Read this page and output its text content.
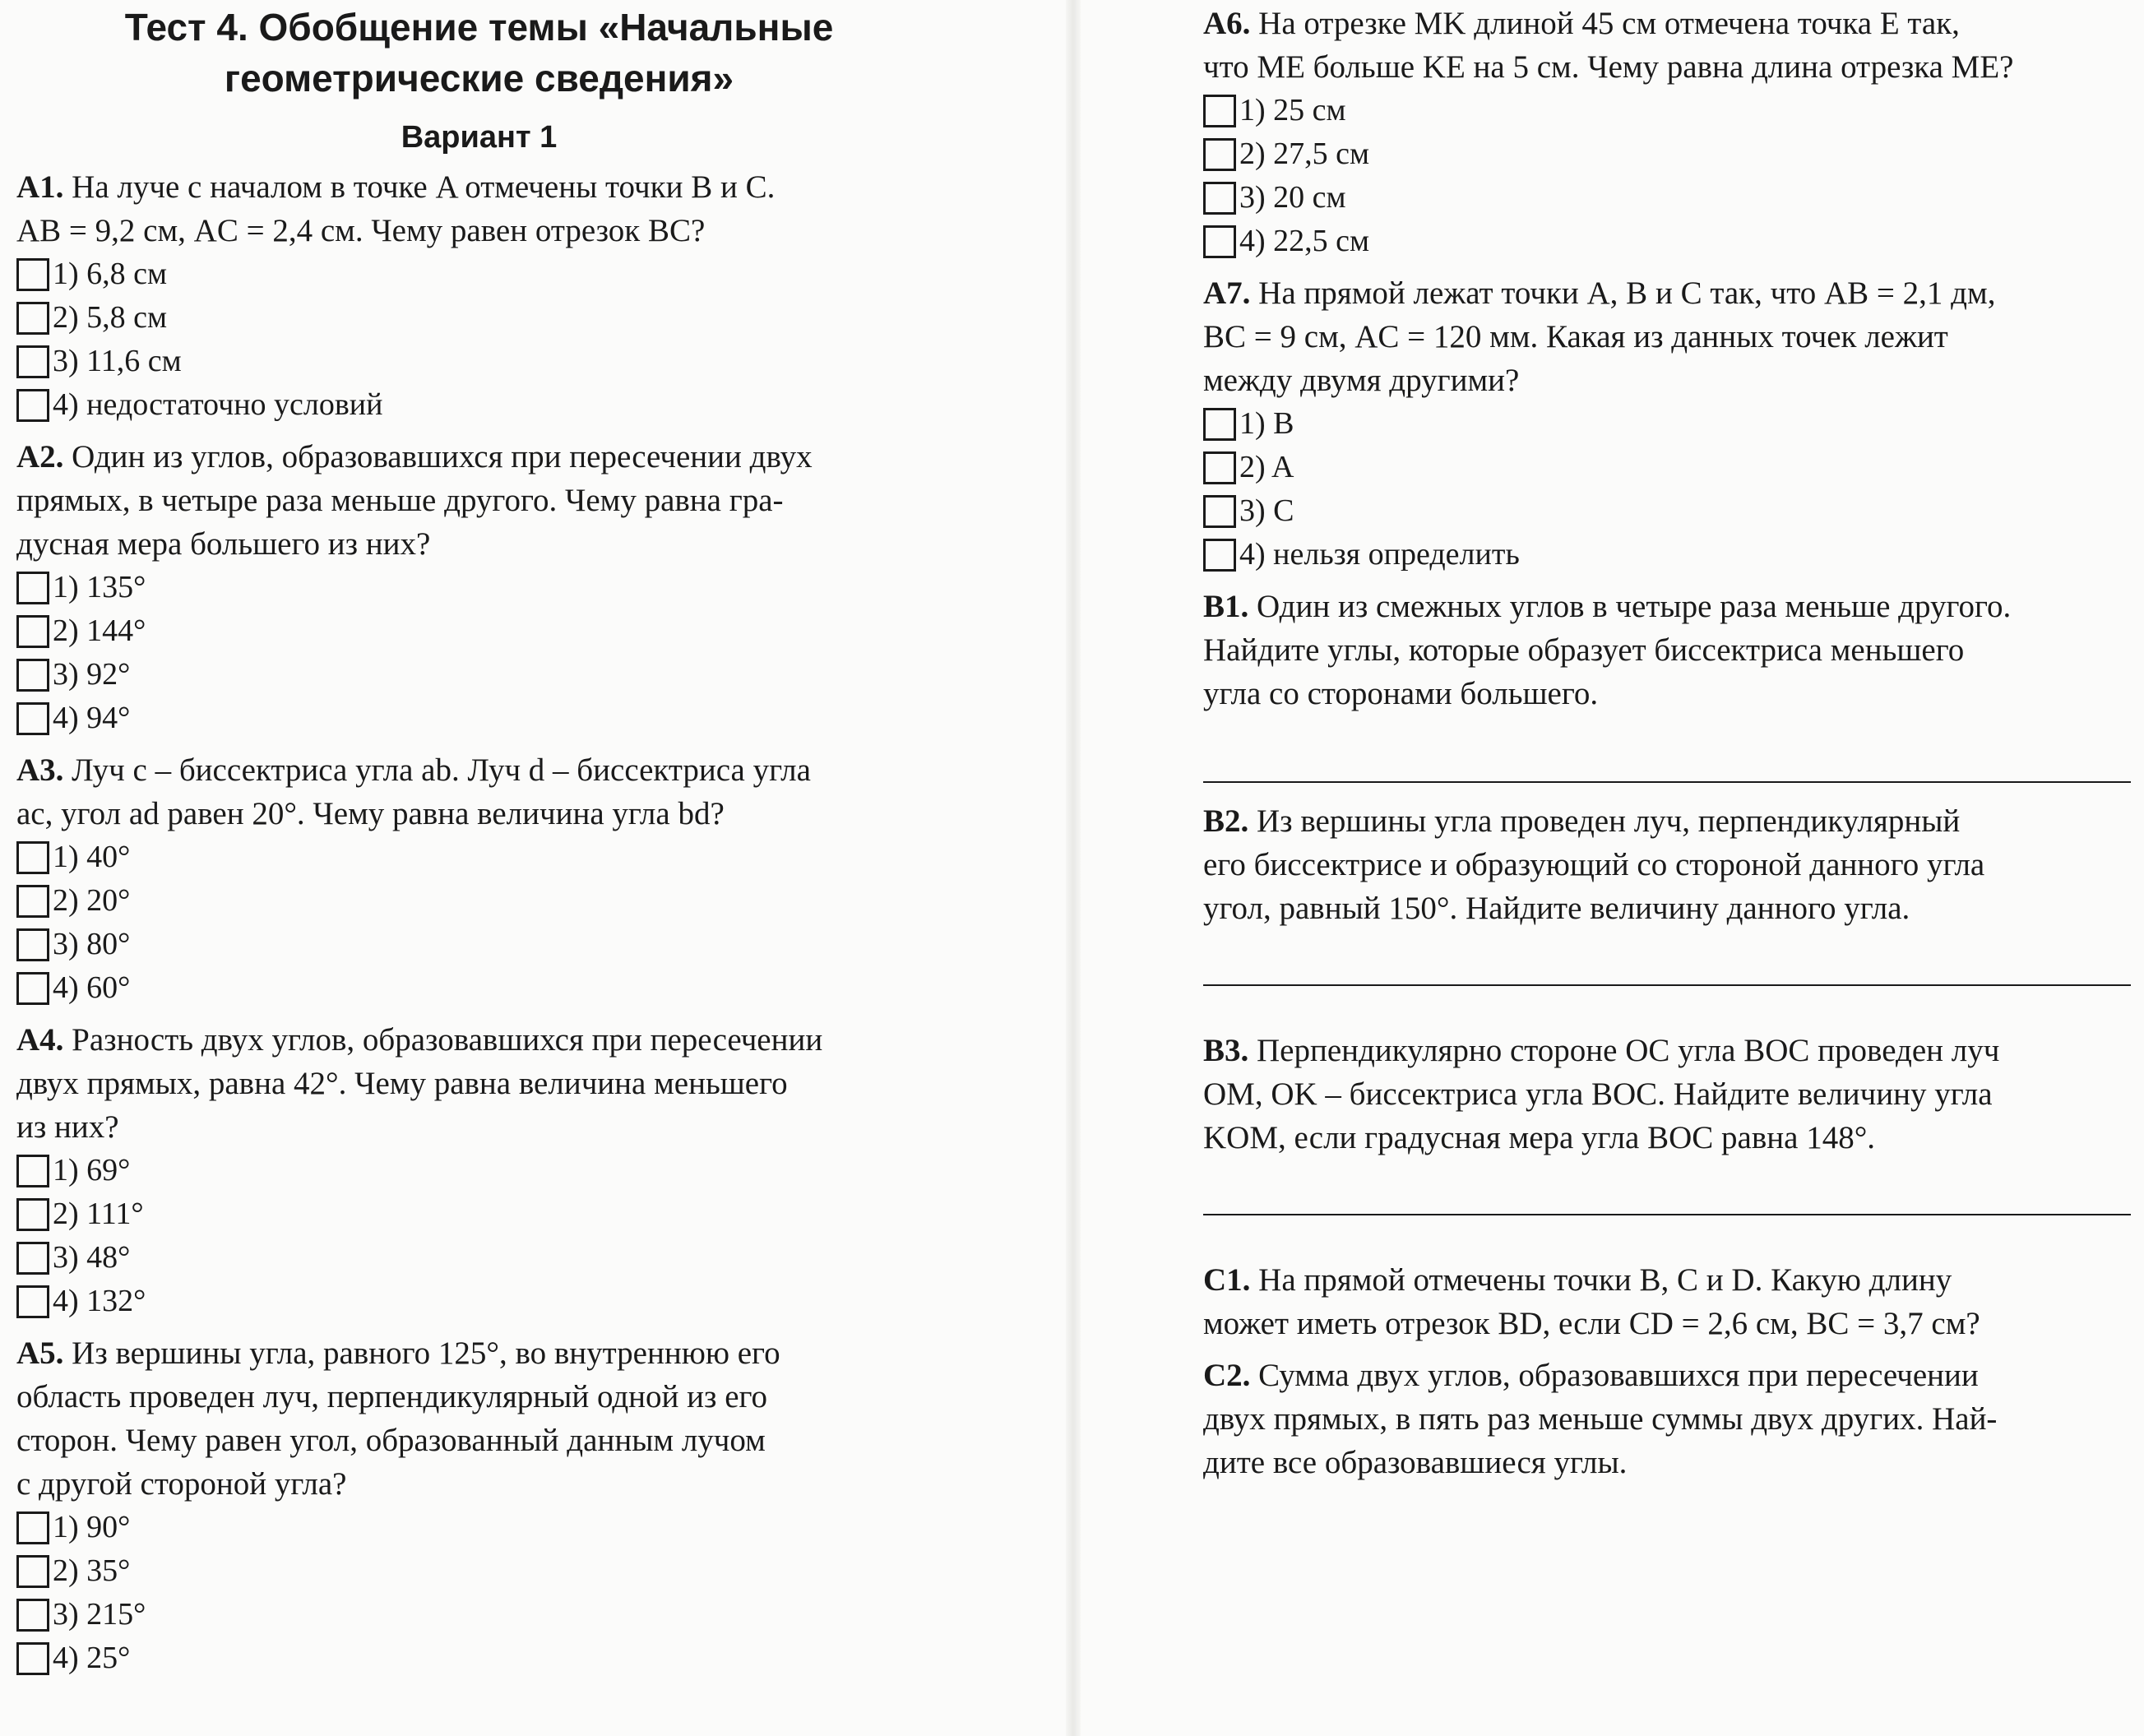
Тест 4. Обобщение темы «Начальные
геометрические сведения»
Вариант 1

А1. На луче с началом в точке A отмечены точки B и C.

AB = 9,2 см, AC = 2,4 см. Чему равен отрезок BC?

1) 6,8 см
2) 5,8 см
3) 11,6 см
4) недостаточно условий

А2. Один из углов, образовавшихся при пересечении двух

прямых, в четыре раза меньше другого. Чему равна гра-

дусная мера большего из них?

1) 135°
2) 144°
3) 92°
4) 94°

А3. Луч c – биссектриса угла ab. Луч d – биссектриса угла

ac, угол ad равен 20°. Чему равна величина угла bd?

1) 40°
2) 20°
3) 80°
4) 60°

А4. Разность двух углов, образовавшихся при пересечении

двух прямых, равна 42°. Чему равна величина меньшего

из них?

1) 69°
2) 111°
3) 48°
4) 132°

А5. Из вершины угла, равного 125°, во внутреннюю его

область проведен луч, перпендикулярный одной из его

сторон. Чему равен угол, образованный данным лучом

с другой стороной угла?

1) 90°
2) 35°
3) 215°
4) 25°

А6. На отрезке MK длиной 45 см отмечена точка E так,

что ME больше KE на 5 см. Чему равна длина отрезка ME?

1) 25 см
2) 27,5 см
3) 20 см
4) 22,5 см

А7. На прямой лежат точки A, B и C так, что AB = 2,1 дм,

BC = 9 см, AC = 120 мм. Какая из данных точек лежит

между двумя другими?

1) B
2) A
3) C
4) нельзя определить

В1. Один из смежных углов в четыре раза меньше другого.

Найдите углы, которые образует биссектриса меньшего

угла со сторонами большего.

В2. Из вершины угла проведен луч, перпендикулярный

его биссектрисе и образующий со стороной данного угла

угол, равный 150°. Найдите величину данного угла.

В3. Перпендикулярно стороне OC угла BOC проведен луч

OM, OK – биссектриса угла BOC. Найдите величину угла

KOM, если градусная мера угла BOC равна 148°.

С1. На прямой отмечены точки B, C и D. Какую длину

может иметь отрезок BD, если CD = 2,6 см, BC = 3,7 см?

С2. Сумма двух углов, образовавшихся при пересечении

двух прямых, в пять раз меньше суммы двух других. Най-

дите все образовавшиеся углы.
